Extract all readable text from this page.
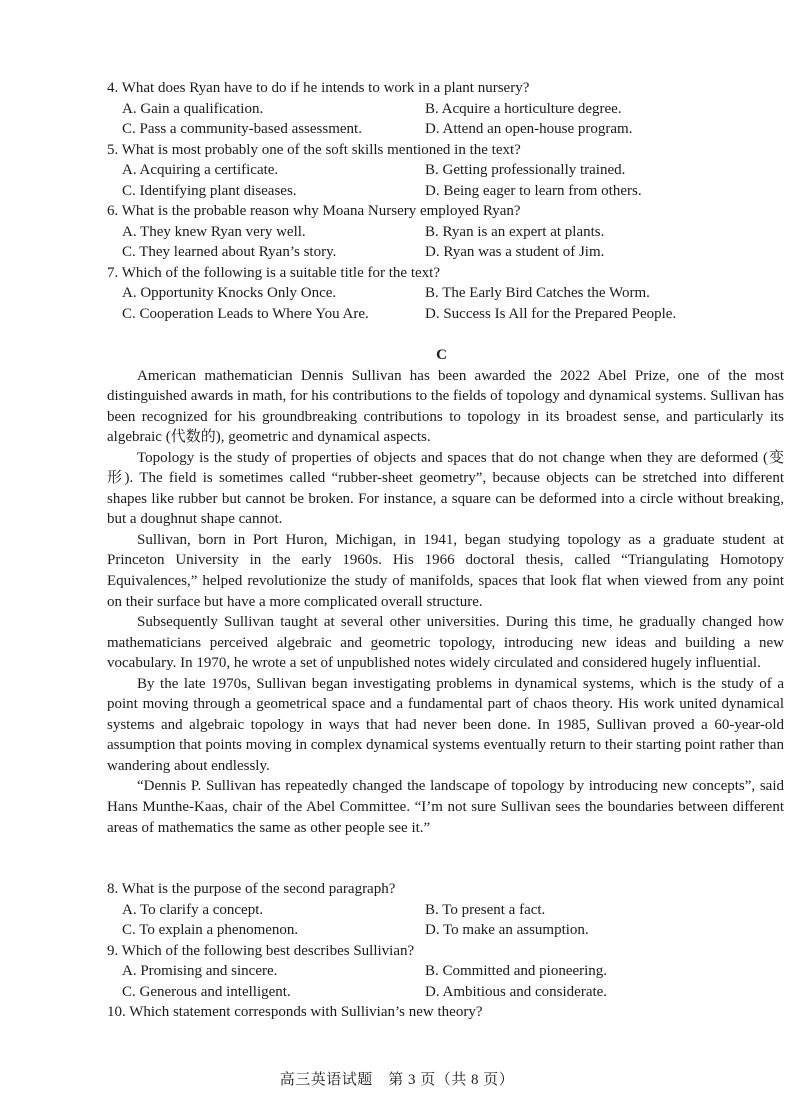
4. What does Ryan have to do if he intends to work in a plant nursery?
A. Gain a qualification.	B. Acquire a horticulture degree.
C. Pass a community-based assessment.	D. Attend an open-house program.
5. What is most probably one of the soft skills mentioned in the text?
A. Acquiring a certificate.	B. Getting professionally trained.
C. Identifying plant diseases.	D. Being eager to learn from others.
6. What is the probable reason why Moana Nursery employed Ryan?
A. They knew Ryan very well.	B. Ryan is an expert at plants.
C. They learned about Ryan’s story.	D. Ryan was a student of Jim.
7. Which of the following is a suitable title for the text?
A. Opportunity Knocks Only Once.	B. The Early Bird Catches the Worm.
C. Cooperation Leads to Where You Are.	D. Success Is All for the Prepared People.
C

American mathematician Dennis Sullivan has been awarded the 2022 Abel Prize, one of the most distinguished awards in math, for his contributions to the fields of topology and dynamical systems. Sullivan has been recognized for his groundbreaking contributions to topology in its broadest sense, and particularly its algebraic (代数的), geometric and dynamical aspects.

Topology is the study of properties of objects and spaces that do not change when they are deformed (变形). The field is sometimes called “rubber-sheet geometry”, because objects can be stretched into different shapes like rubber but cannot be broken. For instance, a square can be deformed into a circle without breaking, but a doughnut shape cannot.

Sullivan, born in Port Huron, Michigan, in 1941, began studying topology as a graduate student at Princeton University in the early 1960s. His 1966 doctoral thesis, called “Triangulating Homotopy Equivalences,” helped revolutionize the study of manifolds, spaces that look flat when viewed from any point on their surface but have a more complicated overall structure.

Subsequently Sullivan taught at several other universities. During this time, he gradually changed how mathematicians perceived algebraic and geometric topology, introducing new ideas and building a new vocabulary. In 1970, he wrote a set of unpublished notes widely circulated and considered hugely influential.

By the late 1970s, Sullivan began investigating problems in dynamical systems, which is the study of a point moving through a geometrical space and a fundamental part of chaos theory. His work united dynamical systems and algebraic topology in ways that had never been done. In 1985, Sullivan proved a 60-year-old assumption that points moving in complex dynamical systems eventually return to their starting point rather than wandering about endlessly.

“Dennis P. Sullivan has repeatedly changed the landscape of topology by introducing new concepts”, said Hans Munthe-Kaas, chair of the Abel Committee. “I’m not sure Sullivan sees the boundaries between different areas of mathematics the same as other people see it.”

8. What is the purpose of the second paragraph?
A. To clarify a concept.	B. To present a fact.
C. To explain a phenomenon.	D. To make an assumption.
9. Which of the following best describes Sullivian?
A. Promising and sincere.	B. Committed and pioneering.
C. Generous and intelligent.	D. Ambitious and considerate.
10. Which statement corresponds with Sullivian’s new theory?
高三英语试题　第 3 页（共 8 页）
